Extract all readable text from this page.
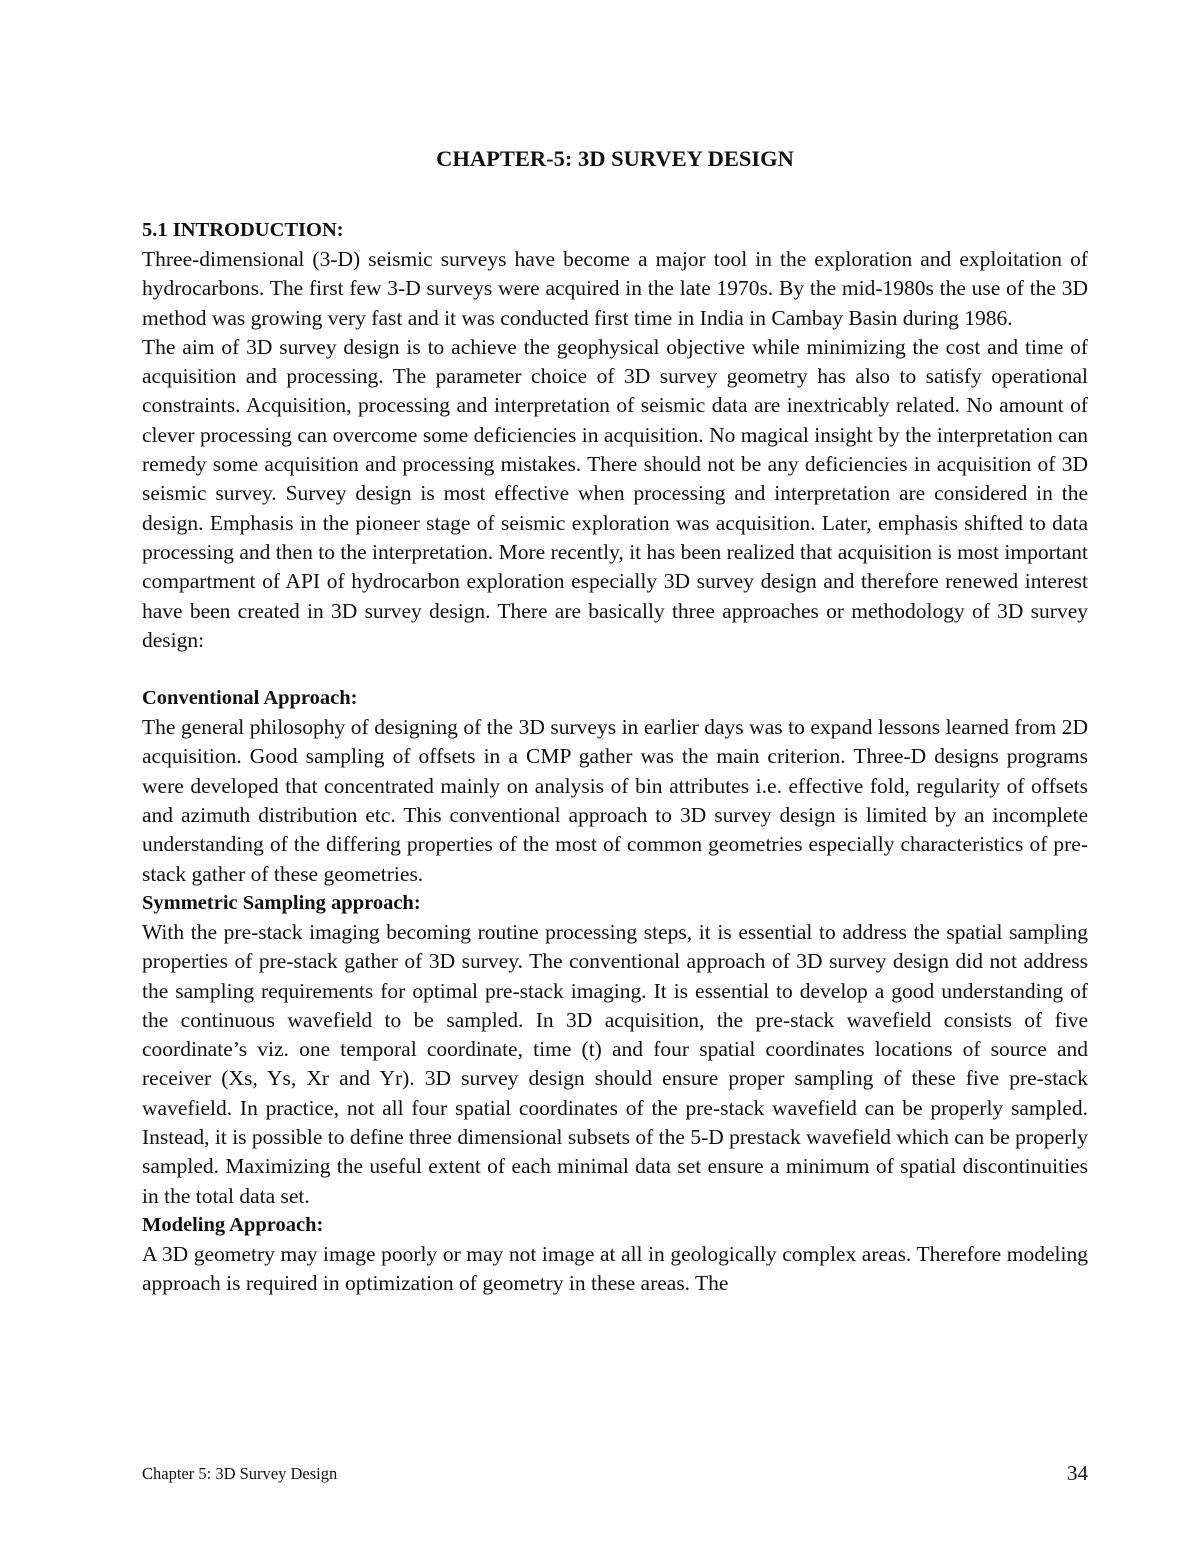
CHAPTER-5: 3D SURVEY DESIGN
5.1 INTRODUCTION:

Three-dimensional (3-D) seismic surveys have become a major tool in the exploration and exploitation of hydrocarbons. The first few 3-D surveys were acquired in the late 1970s. By the mid-1980s the use of the 3D method was growing very fast and it was conducted first time in India in Cambay Basin during 1986.

The aim of 3D survey design is to achieve the geophysical objective while minimizing the cost and time of acquisition and processing. The parameter choice of 3D survey geometry has also to satisfy operational constraints. Acquisition, processing and interpretation of seismic data are inextricably related. No amount of clever processing can overcome some deficiencies in acquisition. No magical insight by the interpretation can remedy some acquisition and processing mistakes. There should not be any deficiencies in acquisition of 3D seismic survey. Survey design is most effective when processing and interpretation are considered in the design. Emphasis in the pioneer stage of seismic exploration was acquisition. Later, emphasis shifted to data processing and then to the interpretation. More recently, it has been realized that acquisition is most important compartment of API of hydrocarbon exploration especially 3D survey design and therefore renewed interest have been created in 3D survey design. There are basically three approaches or methodology of 3D survey design:

Conventional Approach:

The general philosophy of designing of the 3D surveys in earlier days was to expand lessons learned from 2D acquisition. Good sampling of offsets in a CMP gather was the main criterion. Three-D designs programs were developed that concentrated mainly on analysis of bin attributes i.e. effective fold, regularity of offsets and azimuth distribution etc. This conventional approach to 3D survey design is limited by an incomplete understanding of the differing properties of the most of common geometries especially characteristics of pre-stack gather of these geometries.

Symmetric Sampling approach:

With the pre-stack imaging becoming routine processing steps, it is essential to address the spatial sampling properties of pre-stack gather of 3D survey. The conventional approach of 3D survey design did not address the sampling requirements for optimal pre-stack imaging. It is essential to develop a good understanding of the continuous wavefield to be sampled. In 3D acquisition, the pre-stack wavefield consists of five coordinate’s viz. one temporal coordinate, time (t) and four spatial coordinates locations of source and receiver (Xs, Ys, Xr and Yr). 3D survey design should ensure proper sampling of these five pre-stack wavefield. In practice, not all four spatial coordinates of the pre-stack wavefield can be properly sampled. Instead, it is possible to define three dimensional subsets of the 5-D prestack wavefield which can be properly sampled. Maximizing the useful extent of each minimal data set ensure a minimum of spatial discontinuities in the total data set.

Modeling Approach:

A 3D geometry may image poorly or may not image at all in geologically complex areas. Therefore modeling approach is required in optimization of geometry in these areas. The

Chapter 5: 3D Survey Design	34
